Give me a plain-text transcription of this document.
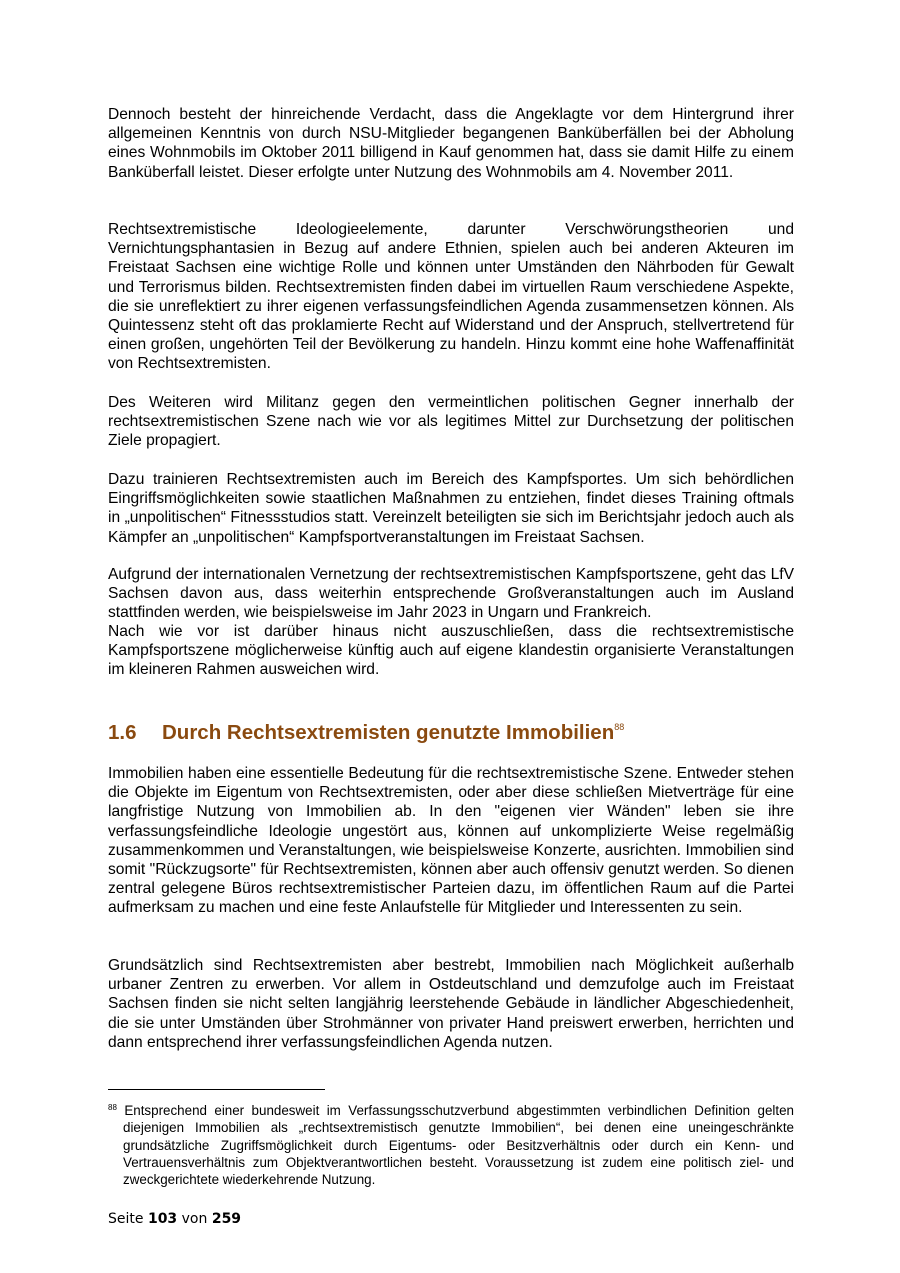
Dennoch besteht der hinreichende Verdacht, dass die Angeklagte vor dem Hintergrund ihrer allgemeinen Kenntnis von durch NSU-Mitglieder begangenen Banküberfällen bei der Abholung eines Wohnmobils im Oktober 2011 billigend in Kauf genommen hat, dass sie damit Hilfe zu einem Banküberfall leistet. Dieser erfolgte unter Nutzung des Wohnmobils am 4. November 2011.

Rechtsextremistische Ideologieelemente, darunter Verschwörungstheorien und Vernichtungsphantasien in Bezug auf andere Ethnien, spielen auch bei anderen Akteuren im Freistaat Sachsen eine wichtige Rolle und können unter Umständen den Nährboden für Gewalt und Terrorismus bilden. Rechtsextremisten finden dabei im virtuellen Raum verschiedene Aspekte, die sie unreflektiert zu ihrer eigenen verfassungsfeindlichen Agenda zusammensetzen können. Als Quintessenz steht oft das proklamierte Recht auf Widerstand und der Anspruch, stellvertretend für einen großen, ungehörten Teil der Bevölkerung zu handeln. Hinzu kommt eine hohe Waffenaffinität von Rechtsextremisten.

Des Weiteren wird Militanz gegen den vermeintlichen politischen Gegner innerhalb der rechtsextremistischen Szene nach wie vor als legitimes Mittel zur Durchsetzung der politischen Ziele propagiert.

Dazu trainieren Rechtsextremisten auch im Bereich des Kampfsportes. Um sich behördlichen Eingriffsmöglichkeiten sowie staatlichen Maßnahmen zu entziehen, findet dieses Training oftmals in „unpolitischen“ Fitnessstudios statt. Vereinzelt beteiligten sie sich im Berichtsjahr jedoch auch als Kämpfer an „unpolitischen“ Kampfsportveranstaltungen im Freistaat Sachsen.

Aufgrund der internationalen Vernetzung der rechtsextremistischen Kampfsportszene, geht das LfV Sachsen davon aus, dass weiterhin entsprechende Großveranstaltungen auch im Ausland stattfinden werden, wie beispielsweise im Jahr 2023 in Ungarn und Frankreich.

Nach wie vor ist darüber hinaus nicht auszuschließen, dass die rechtsextremistische Kampfsportszene möglicherweise künftig auch auf eigene klandestin organisierte Veranstaltungen im kleineren Rahmen ausweichen wird.

1.6 Durch Rechtsextremisten genutzte Immobilien$^{88}$

Immobilien haben eine essentielle Bedeutung für die rechtsextremistische Szene. Entweder stehen die Objekte im Eigentum von Rechtsextremisten, oder aber diese schließen Mietverträge für eine langfristige Nutzung von Immobilien ab. In den "eigenen vier Wänden" leben sie ihre verfassungsfeindliche Ideologie ungestört aus, können auf unkomplizierte Weise regelmäßig zusammenkommen und Veranstaltungen, wie beispielsweise Konzerte, ausrichten. Immobilien sind somit "Rückzugsorte" für Rechtsextremisten, können aber auch offensiv genutzt werden. So dienen zentral gelegene Büros rechtsextremistischer Parteien dazu, im öffentlichen Raum auf die Partei aufmerksam zu machen und eine feste Anlaufstelle für Mitglieder und Interessenten zu sein.

Grundsätzlich sind Rechtsextremisten aber bestrebt, Immobilien nach Möglichkeit außerhalb urbaner Zentren zu erwerben. Vor allem in Ostdeutschland und demzufolge auch im Freistaat Sachsen finden sie nicht selten langjährig leerstehende Gebäude in ländlicher Abgeschiedenheit, die sie unter Umständen über Strohmänner von privater Hand preiswert erwerben, herrichten und dann entsprechend ihrer verfassungsfeindlichen Agenda nutzen.

$^{88}$ Entsprechend einer bundesweit im Verfassungsschutzverbund abgestimmten verbindlichen Definition gelten diejenigen Immobilien als „rechtsextremistisch genutzte Immobilien“, bei denen eine uneingeschränkte grundsätzliche Zugriffsmöglichkeit durch Eigentums- oder Besitzverhältnis oder durch ein Kenn- und Vertrauensverhältnis zum Objektverantwortlichen besteht. Voraussetzung ist zudem eine politisch ziel- und zweckgerichtete wiederkehrende Nutzung.
Seite 103 von 259
